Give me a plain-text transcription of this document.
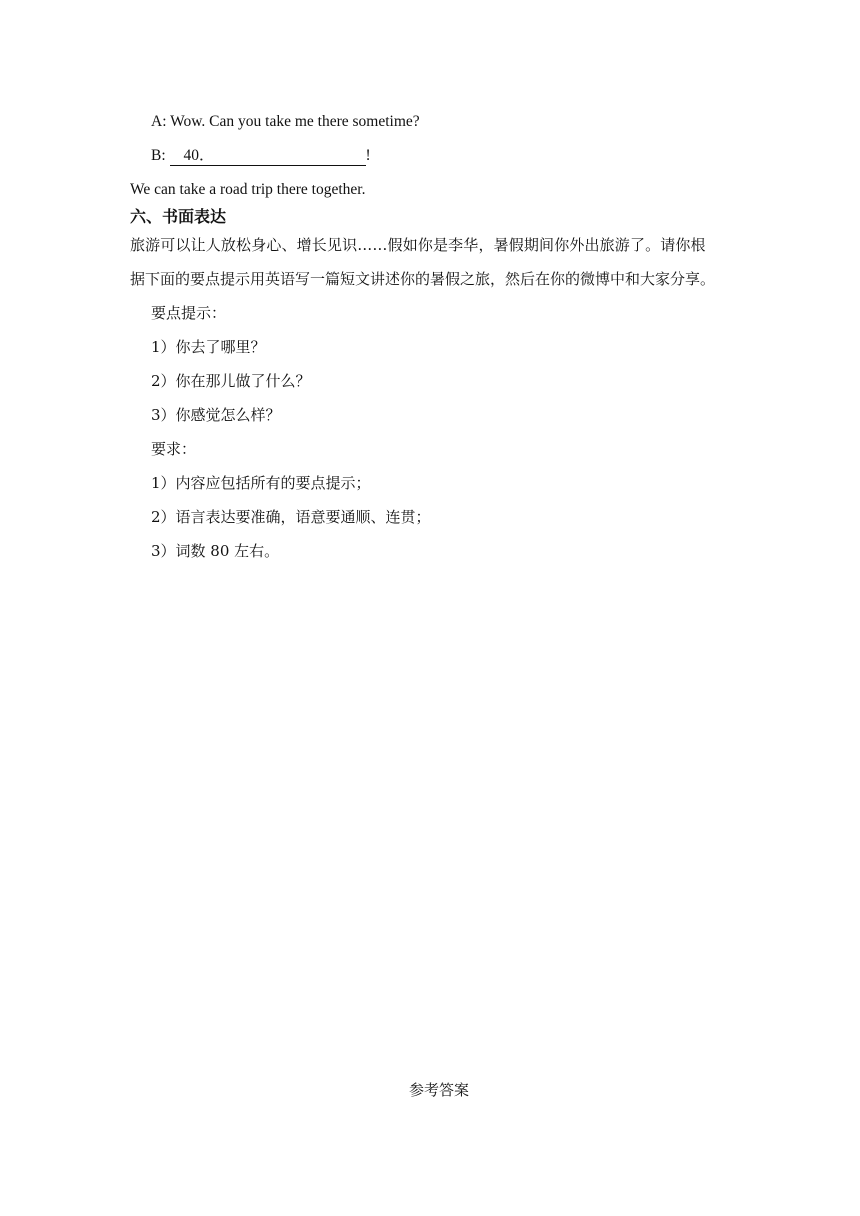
A: Wow. Can you take me there sometime?
B: 40．	!
We can take a road trip there together.
六、书面表达
旅游可以让人放松身心、增长见识……假如你是李华，暑假期间你外出旅游了。请你根
据下面的要点提示用英语写一篇短文讲述你的暑假之旅，然后在你的微博中和大家分享。
要点提示：
1）你去了哪里？
2）你在那儿做了什么？
3）你感觉怎么样？
要求：
1）内容应包括所有的要点提示；
2）语言表达要准确，语意要通顺、连贯；
3）词数 80 左右。
参考答案
